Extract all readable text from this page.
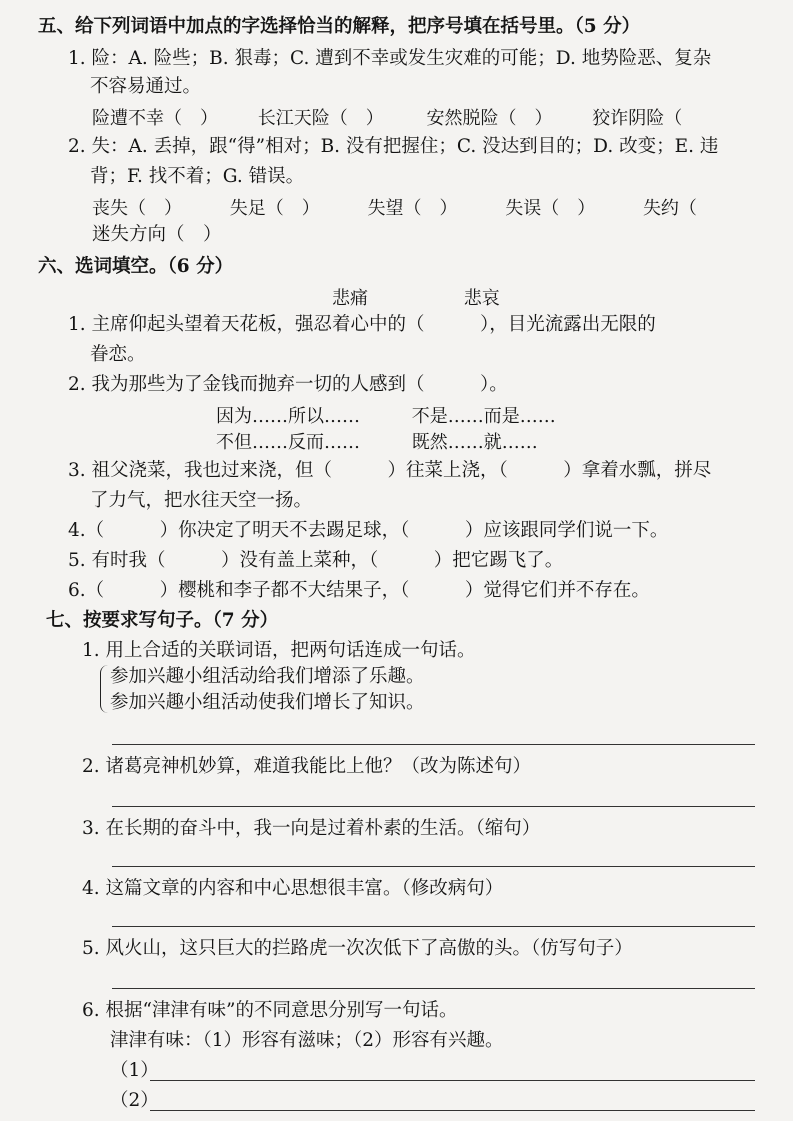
五、给下列词语中加点的字选择恰当的解释，把序号填在括号里。（5 分）
1. 险：A. 险些；B. 狠毒；C. 遭到不幸或发生灾难的可能；D. 地势险恶、复杂
不容易通过。
险遭不幸（　） 长江天险（　） 安然脱险（　） 狡诈阴险（
2. 失：A. 丢掉，跟“得”相对；B. 没有把握住；C. 没达到目的；D. 改变；E. 违
背；F. 找不着；G. 错误。
丧失（　）	失足（　）	失望（　）	失误（　）	失约（
迷失方向（　）
六、选词填空。（6 分）
悲痛	悲哀
1. 主席仰起头望着天花板，强忍着心中的（　　　），目光流露出无限的
眷恋。
2. 我为那些为了金钱而抛弃一切的人感到（　　　）。
因为……所以……	不是……而是……
不但……反而……	既然……就……
3. 祖父浇菜，我也过来浇，但（　　　）往菜上浇，（　　　）拿着水瓢，拼尽
了力气，把水往天空一扬。
4.（　　　）你决定了明天不去踢足球，（　　　）应该跟同学们说一下。
5. 有时我（　　　）没有盖上菜种，（　　　）把它踢飞了。
6.（　　　）樱桃和李子都不大结果子，（　　　）觉得它们并不存在。
七、按要求写句子。（7 分）
1. 用上合适的关联词语，把两句话连成一句话。
参加兴趣小组活动给我们增添了乐趣。
参加兴趣小组活动使我们增长了知识。
2. 诸葛亮神机妙算，难道我能比上他？（改为陈述句）
3. 在长期的奋斗中，我一向是过着朴素的生活。（缩句）
4. 这篇文章的内容和中心思想很丰富。（修改病句）
5. 风火山，这只巨大的拦路虎一次次低下了高傲的头。（仿写句子）
6. 根据“津津有味”的不同意思分别写一句话。
津津有味：（1）形容有滋味；（2）形容有兴趣。
（1）
（2）
